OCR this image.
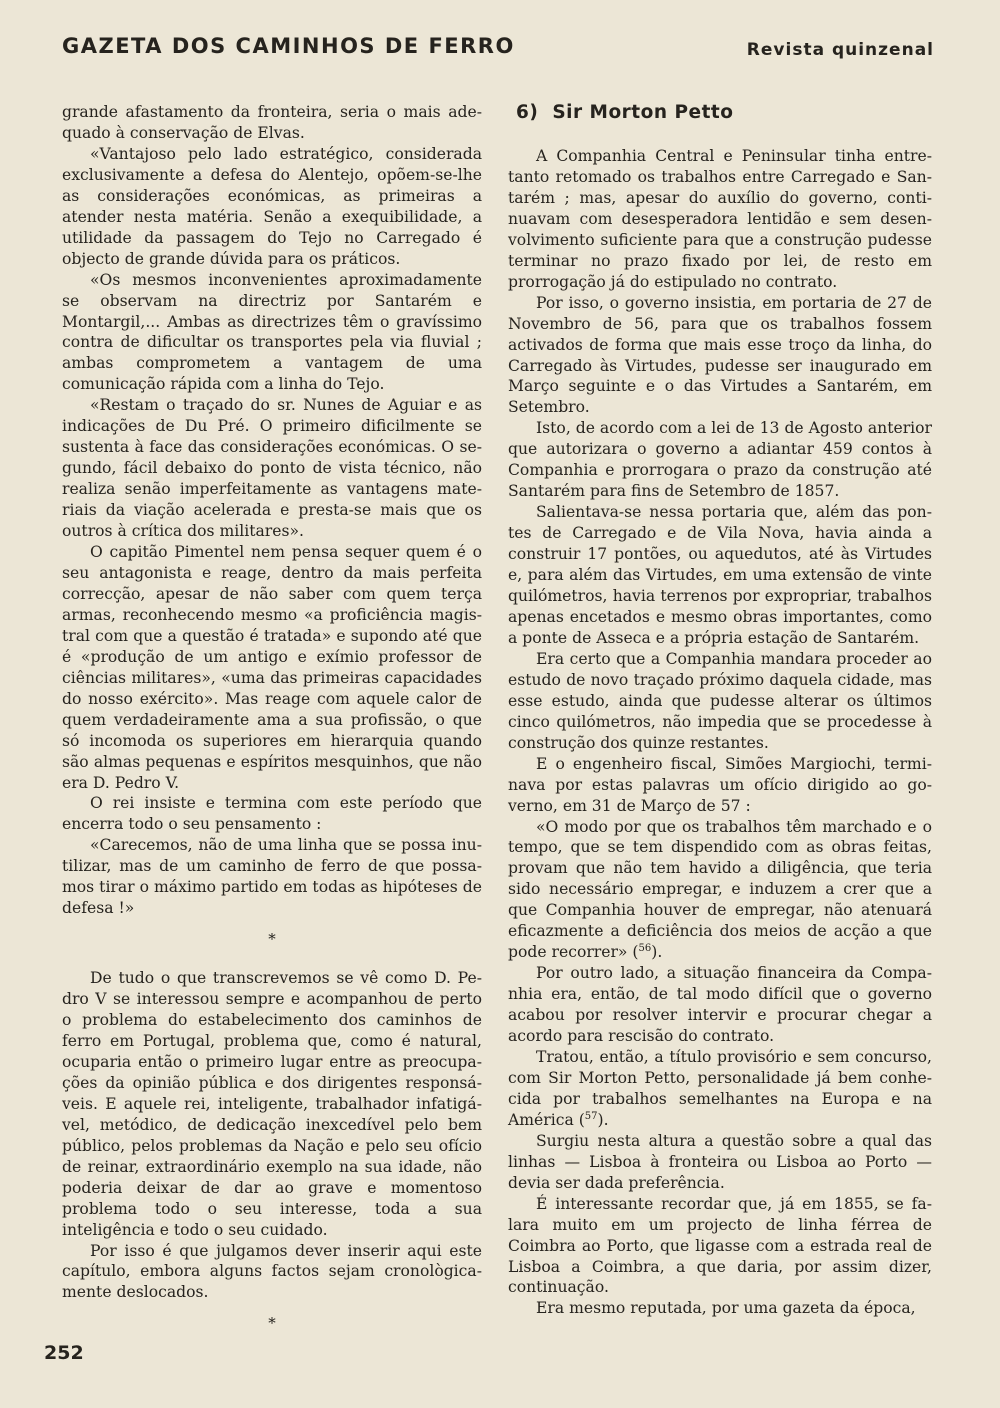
GAZETA DOS CAMINHOS DE FERRO	Revista quinzenal

grande afastamento da fronteira, seria o mais adequado à conservação de Elvas.

«Vantajoso pelo lado estratégico, considerada exclusivamente a defesa do Alentejo, opõem-se-lhe as considerações económicas, as primeiras a atender nesta matéria. Senão a exequibilidade, a utilidade da passagem do Tejo no Carregado é objecto de grande dúvida para os práticos.

«Os mesmos inconvenientes aproximadamente se observam na directriz por Santarém e Montargil,... Ambas as directrizes têm o gravíssimo contra de dificultar os transportes pela via fluvial ; ambas comprometem a vantagem de uma comunicação rápida com a linha do Tejo.

«Restam o traçado do sr. Nunes de Aguiar e as indicações de Du Pré. O primeiro dificilmente se sustenta à face das considerações económicas. O segundo, fácil debaixo do ponto de vista técnico, não realiza senão imperfeitamente as vantagens materiais da viação acelerada e presta-se mais que os outros à crítica dos militares».

O capitão Pimentel nem pensa sequer quem é o seu antagonista e reage, dentro da mais perfeita correcção, apesar de não saber com quem terça armas, reconhecendo mesmo «a proficiência magistral com que a questão é tratada» e supondo até que é «produção de um antigo e exímio professor de ciências militares», «uma das primeiras capacidades do nosso exército». Mas reage com aquele calor de quem verdadeiramente ama a sua profissão, o que só incomoda os superiores em hierarquia quando são almas pequenas e espíritos mesquinhos, que não era D. Pedro V.

O rei insiste e termina com este período que encerra todo o seu pensamento :

«Carecemos, não de uma linha que se possa inutilizar, mas de um caminho de ferro de que possamos tirar o máximo partido em todas as hipóteses de defesa !»

*

De tudo o que transcrevemos se vê como D. Pedro V se interessou sempre e acompanhou de perto o problema do estabelecimento dos caminhos de ferro em Portugal, problema que, como é natural, ocuparia então o primeiro lugar entre as preocupações da opinião pública e dos dirigentes responsáveis. E aquele rei, inteligente, trabalhador infatigável, metódico, de dedicação inexcedível pelo bem público, pelos problemas da Nação e pelo seu ofício de reinar, extraordinário exemplo na sua idade, não poderia deixar de dar ao grave e momentoso problema todo o seu interesse, toda a sua inteligência e todo o seu cuidado.

Por isso é que julgamos dever inserir aqui este capítulo, embora alguns factos sejam cronològicamente deslocados.

*
6) Sir Morton Petto

A Companhia Central e Peninsular tinha entretanto retomado os trabalhos entre Carregado e Santarém ; mas, apesar do auxílio do governo, continuavam com desesperadora lentidão e sem desenvolvimento suficiente para que a construção pudesse terminar no prazo fixado por lei, de resto em prorrogação já do estipulado no contrato.

Por isso, o governo insistia, em portaria de 27 de Novembro de 56, para que os trabalhos fossem activados de forma que mais esse troço da linha, do Carregado às Virtudes, pudesse ser inaugurado em Março seguinte e o das Virtudes a Santarém, em Setembro.

Isto, de acordo com a lei de 13 de Agosto anterior que autorizara o governo a adiantar 459 contos à Companhia e prorrogara o prazo da construção até Santarém para fins de Setembro de 1857.

Salientava-se nessa portaria que, além das pontes de Carregado e de Vila Nova, havia ainda a construir 17 pontões, ou aquedutos, até às Virtudes e, para além das Virtudes, em uma extensão de vinte quilómetros, havia terrenos por expropriar, trabalhos apenas encetados e mesmo obras importantes, como a ponte de Asseca e a própria estação de Santarém.

Era certo que a Companhia mandara proceder ao estudo de novo traçado próximo daquela cidade, mas esse estudo, ainda que pudesse alterar os últimos cinco quilómetros, não impedia que se procedesse à construção dos quinze restantes.

E o engenheiro fiscal, Simões Margiochi, terminava por estas palavras um ofício dirigido ao governo, em 31 de Março de 57 :

«O modo por que os trabalhos têm marchado e o tempo, que se tem dispendido com as obras feitas, provam que não tem havido a diligência, que teria sido necessário empregar, e induzem a crer que a que Companhia houver de empregar, não atenuará eficazmente a deficiência dos meios de acção a que pode recorrer» ($^{56}$).

Por outro lado, a situação financeira da Companhia era, então, de tal modo difícil que o governo acabou por resolver intervir e procurar chegar a acordo para rescisão do contrato.

Tratou, então, a título provisório e sem concurso, com Sir Morton Petto, personalidade já bem conhecida por trabalhos semelhantes na Europa e na América ($^{57}$).

Surgiu nesta altura a questão sobre a qual das linhas — Lisboa à fronteira ou Lisboa ao Porto — devia ser dada preferência.

É interessante recordar que, já em 1855, se falara muito em um projecto de linha férrea de Coimbra ao Porto, que ligasse com a estrada real de Lisboa a Coimbra, a que daria, por assim dizer, continuação.

Era mesmo reputada, por uma gazeta da época,

252
